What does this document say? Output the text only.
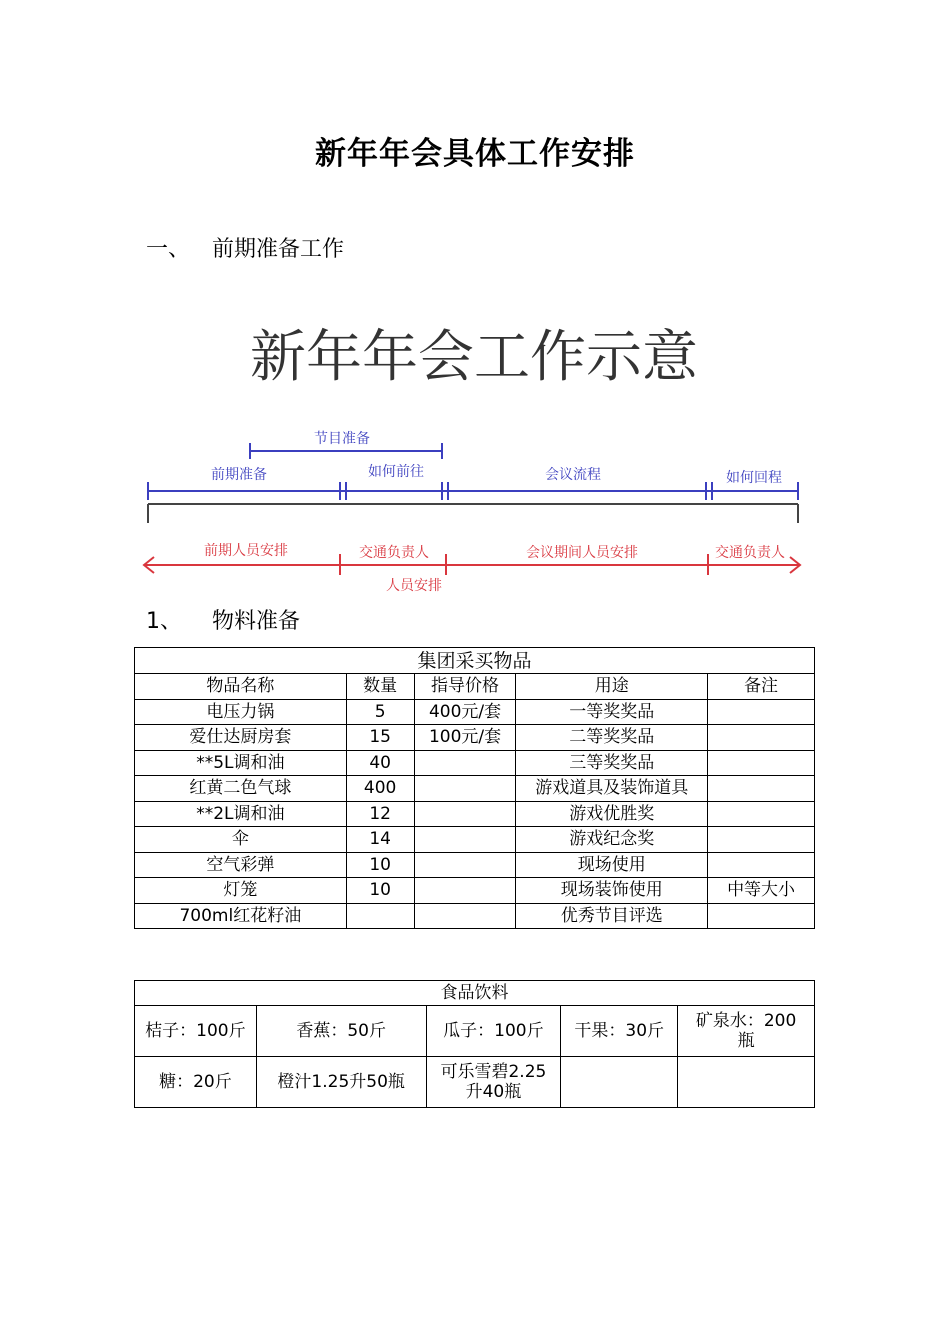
新年年会具体工作安排
一、 前期准备工作
新年年会工作示意
节目准备
前期准备	如何前往	会议流程	如何回程
前期人员安排	交通负责人	会议期间人员安排	交通负责人
人员安排
1、 物料准备
集团采买物品				
物品名称	数量	指导价格	用途	备注
电压力锅	5	400元/套	一等奖奖品	
爱仕达厨房套	15	100元/套	二等奖奖品	
**5L调和油	40		三等奖奖品	
红黄二色气球	400		游戏道具及装饰道具	
**2L调和油	12		游戏优胜奖	
伞	14		游戏纪念奖	
空气彩弹	10		现场使用	
灯笼	10		现场装饰使用	中等大小
700ml红花籽油			优秀节目评选	
食品饮料				
桔子：100斤	香蕉：50斤	瓜子：100斤	干果：30斤	矿泉水：200瓶
糖：20斤	橙汁1.25升50瓶	可乐雪碧2.25升40瓶		
